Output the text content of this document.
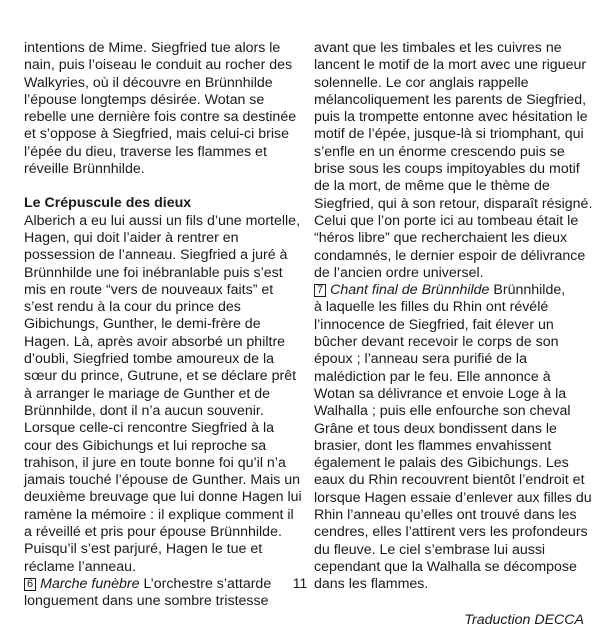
intentions de Mime. Siegfried tue alors le
nain, puis l’oiseau le conduit au rocher des
Walkyries, où il découvre en Brünnhilde
l’épouse longtemps désirée. Wotan se
rebelle une dernière fois contre sa destinée
et s’oppose à Siegfried, mais celui-ci brise
l’épée du dieu, traverse les flammes et
réveille Brünnhilde.
Le Crépuscule des dieux
Alberich a eu lui aussi un fils d’une mortelle,
Hagen, qui doit l’aider à rentrer en
possession de l’anneau. Siegfried a juré à
Brünnhilde une foi inébranlable puis s’est
mis en route “vers de nouveaux faits” et
s’est rendu à la cour du prince des
Gibichungs, Gunther, le demi-frère de
Hagen. Là, après avoir absorbé un philtre
d’oubli, Siegfried tombe amoureux de la
sœur du prince, Gutrune, et se déclare prêt
à arranger le mariage de Gunther et de
Brünnhilde, dont il n’a aucun souvenir.
Lorsque celle-ci rencontre Siegfried à la
cour des Gibichungs et lui reproche sa
trahison, il jure en toute bonne foi qu’il n’a
jamais touché l’épouse de Gunther. Mais un
deuxième breuvage que lui donne Hagen lui
ramène la mémoire : il explique comment il
a réveillé et pris pour épouse Brünnhilde.
Puisqu’il s’est parjuré, Hagen le tue et
réclame l’anneau.
6 Marche funèbre L’orchestre s’attarde
longuement dans une sombre tristesse
avant que les timbales et les cuivres ne
lancent le motif de la mort avec une rigueur
solennelle. Le cor anglais rappelle
mélancoliquement les parents de Siegfried,
puis la trompette entonne avec hésitation le
motif de l’épée, jusque-là si triomphant, qui
s’enfle en un énorme crescendo puis se
brise sous les coups impitoyables du motif
de la mort, de même que le thème de
Siegfried, qui à son retour, disparaît résigné.
Celui que l’on porte ici au tombeau était le
“héros libre” que recherchaient les dieux
condamnés, le dernier espoir de délivrance
de l’ancien ordre universel.
7 Chant final de Brünnhilde Brünnhilde,
à laquelle les filles du Rhin ont révélé
l’innocence de Siegfried, fait élever un
bûcher devant recevoir le corps de son
époux ; l’anneau sera purifié de la
malédiction par le feu. Elle annonce à
Wotan sa délivrance et envoie Loge à la
Walhalla ; puis elle enfourche son cheval
Grâne et tous deux bondissent dans le
brasier, dont les flammes envahissent
également le palais des Gibichungs. Les
eaux du Rhin recouvrent bientôt l’endroit et
lorsque Hagen essaie d’enlever aux filles du
Rhin l’anneau qu’elles ont trouvé dans les
cendres, elles l’attirent vers les profondeurs
du fleuve. Le ciel s’embrase lui aussi
cependant que la Walhalla se décompose
dans les flammes.
Traduction DECCA
11
